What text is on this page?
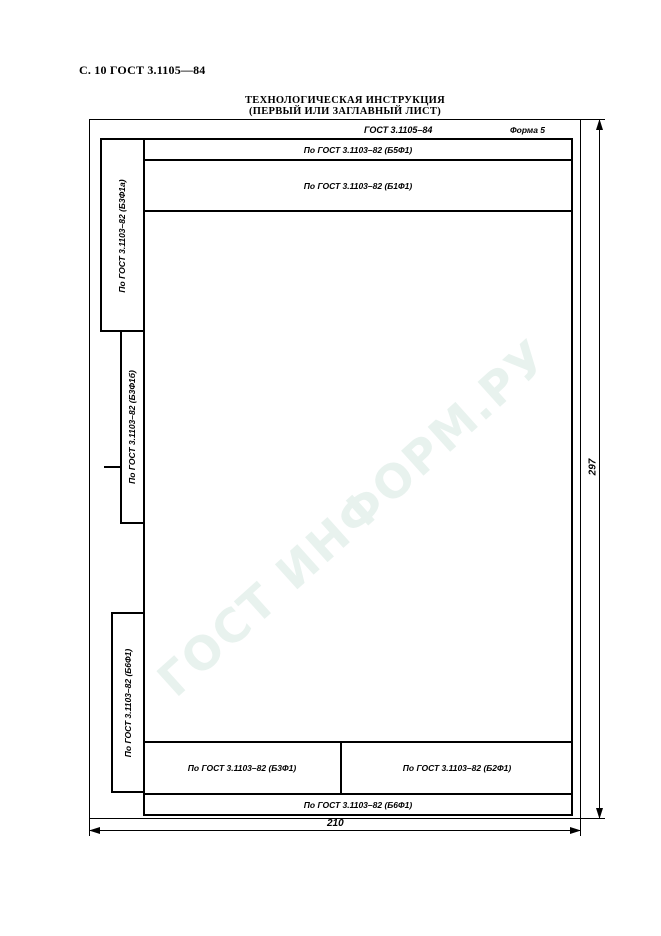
ГОСТ ИНФОРМ.РУ
С. 10 ГОСТ 3.1105—84
ТЕХНОЛОГИЧЕСКАЯ ИНСТРУКЦИЯ
(ПЕРВЫЙ ИЛИ ЗАГЛАВНЫЙ ЛИСТ)
ГОСТ 3.1105–84	Форма 5
По ГОСТ 3.1103–82 (Б5Ф1)
По ГОСТ 3.1103–82 (Б1Ф1)
По ГОСТ 3.1103–82 (Б3Ф1)	По ГОСТ 3.1103–82 (Б2Ф1)
По ГОСТ 3.1103–82 (Б6Ф1)
По ГОСТ 3.1103–82 (Б3Ф1а)
По ГОСТ 3.1103–82 (Б3Ф1б)
По ГОСТ 3.1103–82 (Б6Ф1)
297
210
